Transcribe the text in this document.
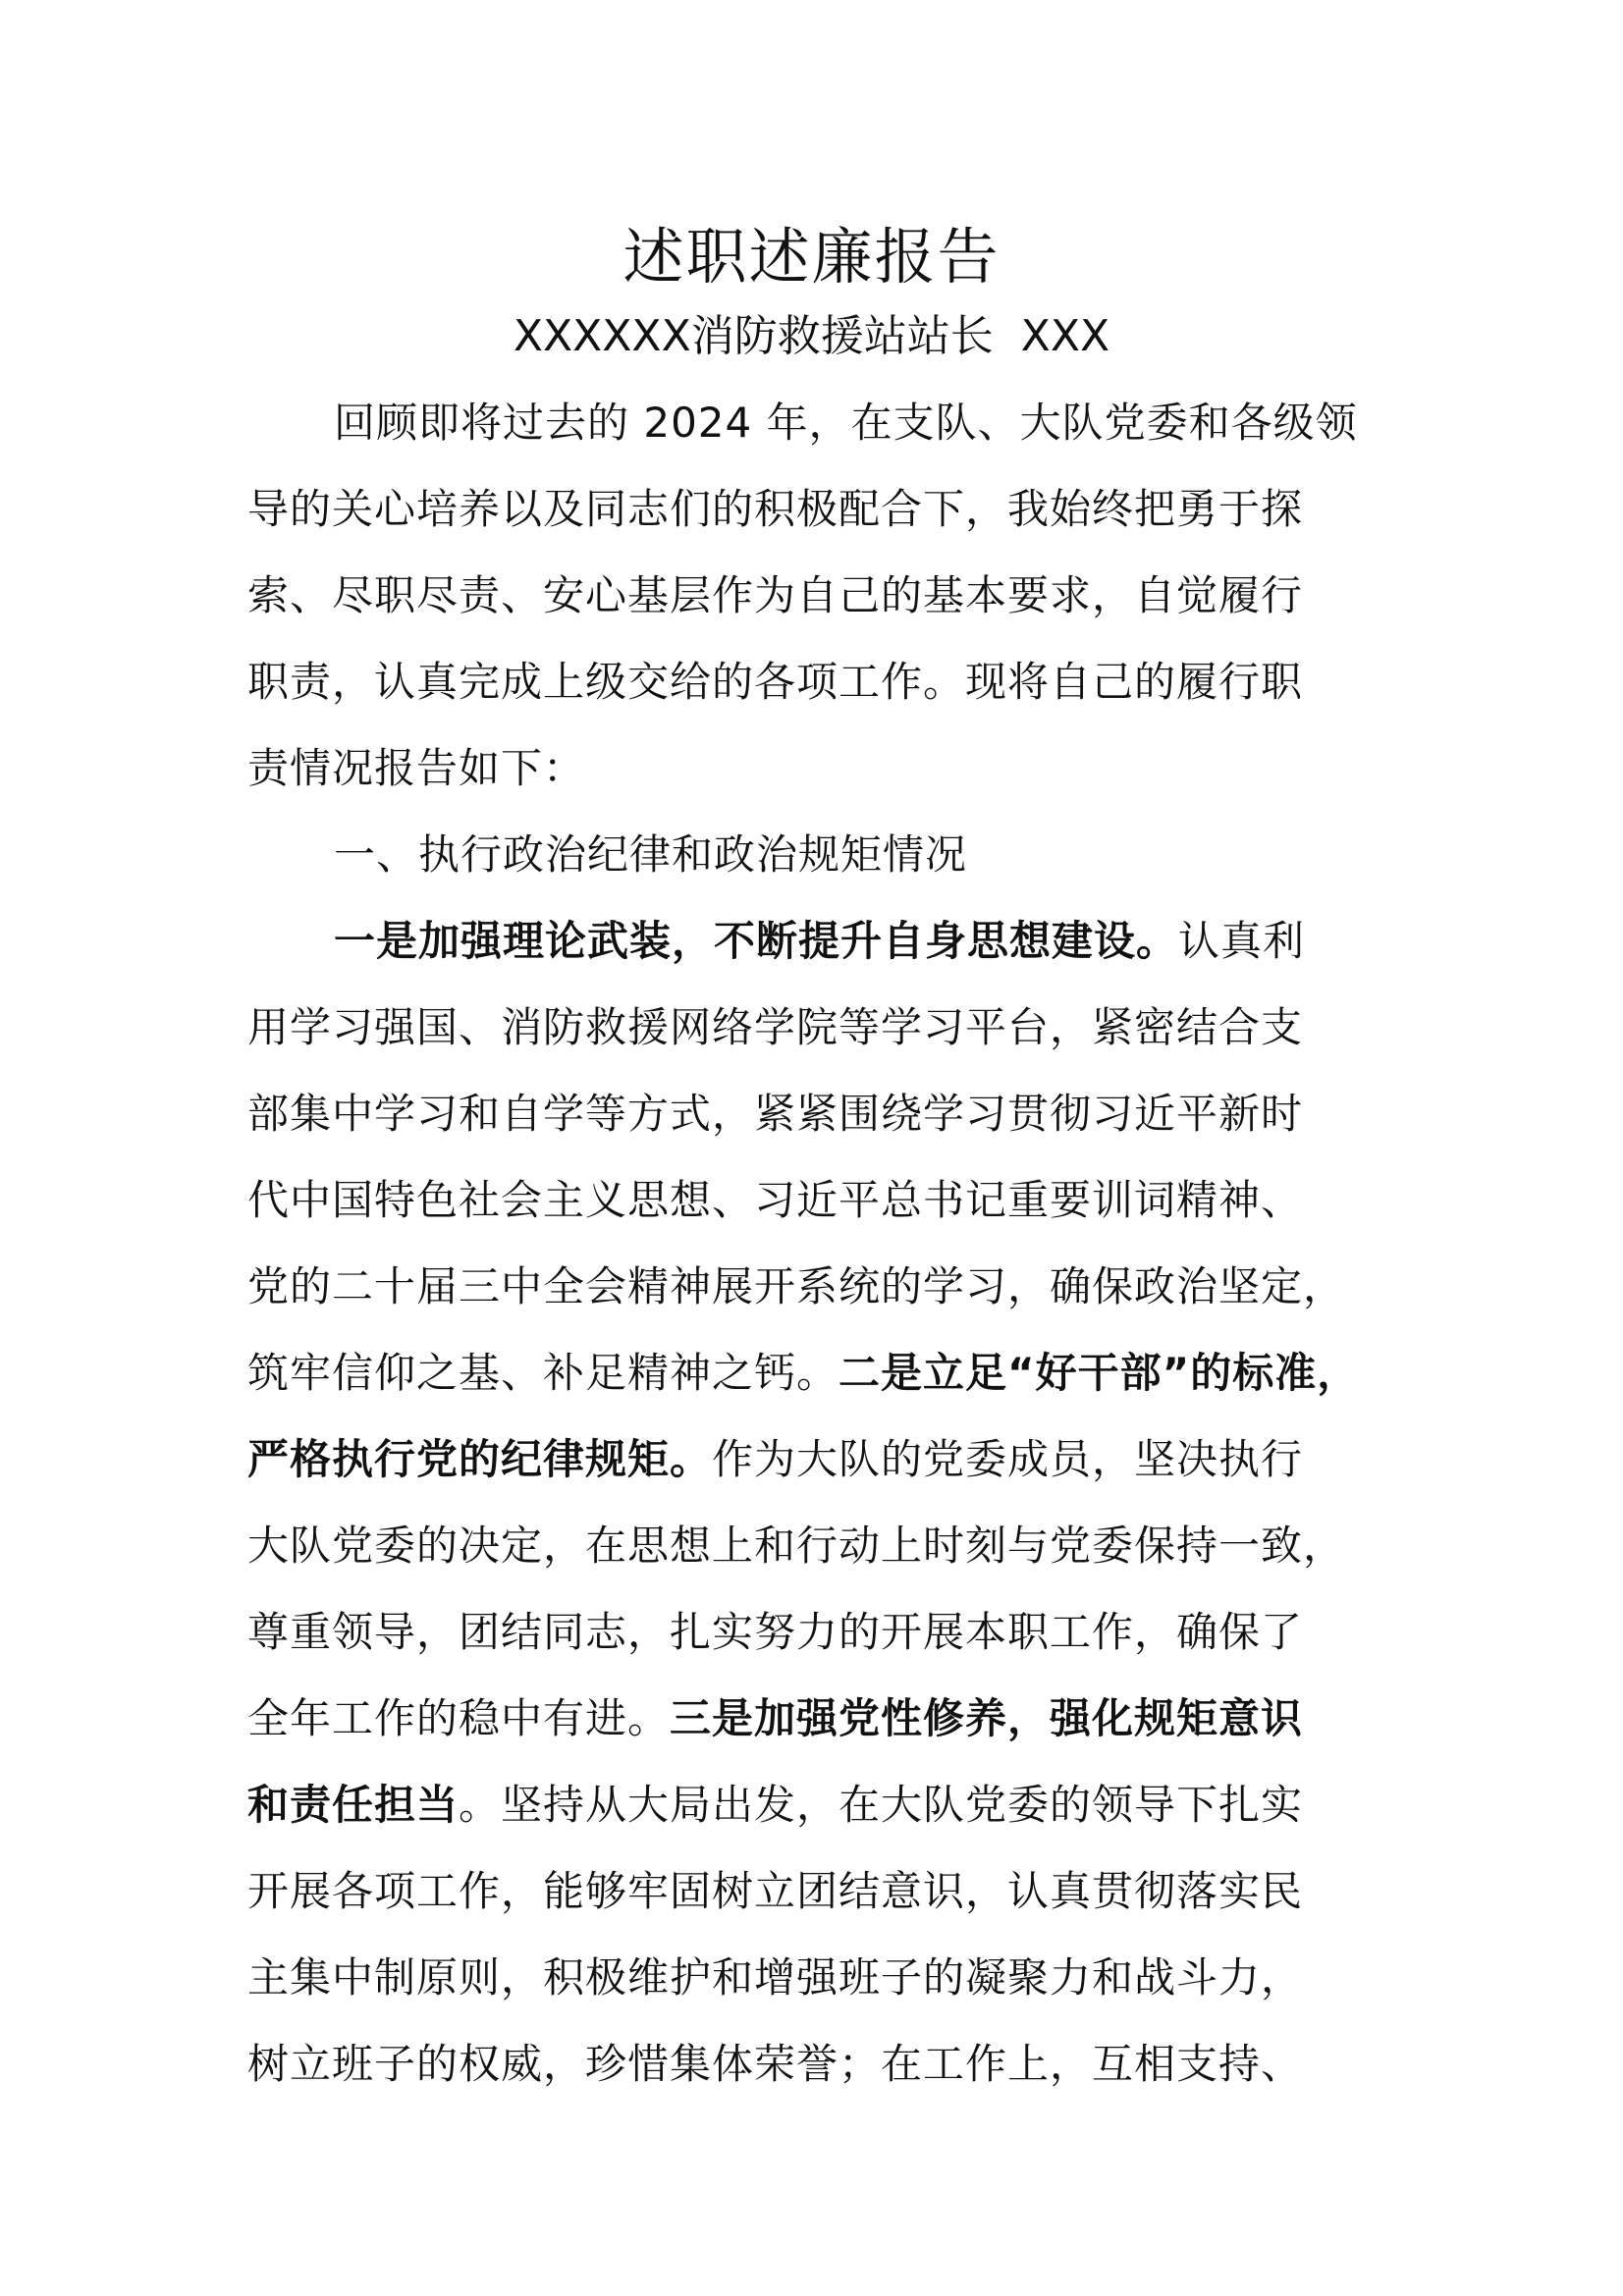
述职述廉报告
XXXXXX消防救援站站长  XXX
回顾即将过去的 2024 年，在支队、大队党委和各级领
导的关心培养以及同志们的积极配合下，我始终把勇于探
索、尽职尽责、安心基层作为自己的基本要求，自觉履行
职责，认真完成上级交给的各项工作。现将自己的履行职
责情况报告如下：
一、执行政治纪律和政治规矩情况
一是加强理论武装，不断提升自身思想建设。认真利
用学习强国、消防救援网络学院等学习平台，紧密结合支
部集中学习和自学等方式，紧紧围绕学习贯彻习近平新时
代中国特色社会主义思想、习近平总书记重要训词精神、
党的二十届三中全会精神展开系统的学习，确保政治坚定，
筑牢信仰之基、补足精神之钙。二是立足“好干部”的标准，
严格执行党的纪律规矩。作为大队的党委成员，坚决执行
大队党委的决定，在思想上和行动上时刻与党委保持一致，
尊重领导，团结同志，扎实努力的开展本职工作，确保了
全年工作的稳中有进。三是加强党性修养，强化规矩意识
和责任担当。坚持从大局出发，在大队党委的领导下扎实
开展各项工作，能够牢固树立团结意识，认真贯彻落实民
主集中制原则，积极维护和增强班子的凝聚力和战斗力，
树立班子的权威，珍惜集体荣誉；在工作上，互相支持、
